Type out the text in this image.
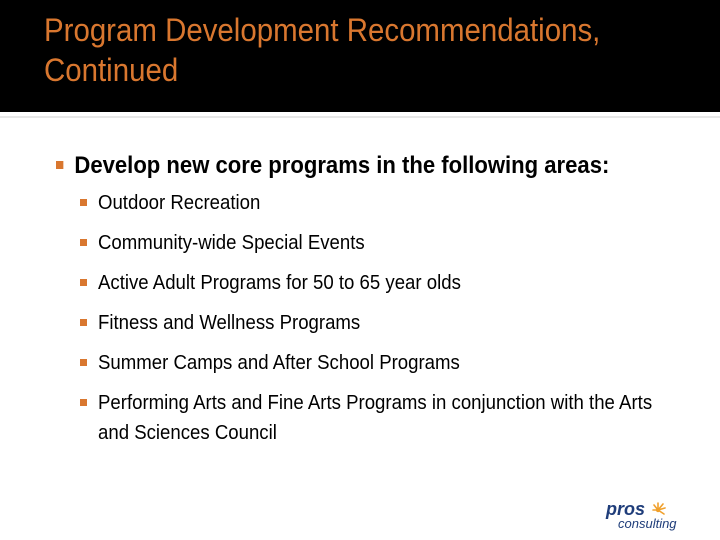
Program Development Recommendations, Continued
Develop new core programs in the following areas:
Outdoor Recreation
Community-wide Special Events
Active Adult Programs for 50 to 65 year olds
Fitness and Wellness Programs
Summer Camps and After School Programs
Performing Arts and Fine Arts Programs in conjunction with the Arts and Sciences Council
pros
consulting
